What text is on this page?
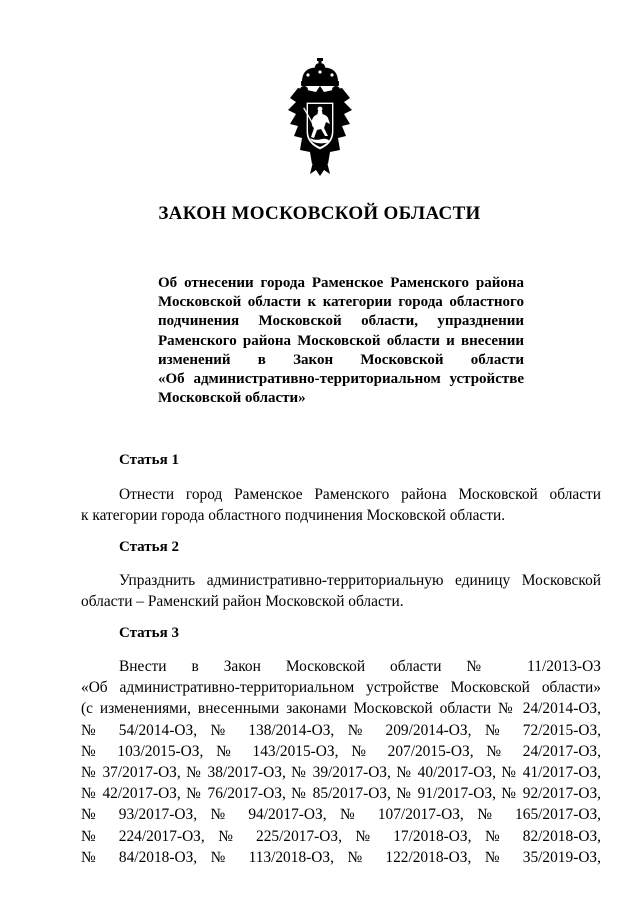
ЗАКОН МОСКОВСКОЙ ОБЛАСТИ
Об отнесении города Раменское Раменского района
Московской области к категории города областного
подчинения Московской области, упразднении
Раменского района Московской области и внесении
изменений в Закон Московской области
«Об административно-территориальном устройстве
Московской области»
Статья 1
Отнести город Раменское Раменского района Московской области
к категории города областного подчинения Московской области.
Статья 2
Упразднить административно-территориальную единицу Московской
области – Раменский район Московской области.
Статья 3
Внести в Закон Московской области № 11/2013-ОЗ
«Об административно-территориальном устройстве Московской области»
(с изменениями, внесенными законами Московской области № 24/2014-ОЗ,
№ 54/2014-ОЗ, № 138/2014-ОЗ, № 209/2014-ОЗ, № 72/2015-ОЗ,
№ 103/2015-ОЗ, № 143/2015-ОЗ, № 207/2015-ОЗ, № 24/2017-ОЗ,
№ 37/2017-ОЗ, № 38/2017-ОЗ, № 39/2017-ОЗ, № 40/2017-ОЗ, № 41/2017-ОЗ,
№ 42/2017-ОЗ, № 76/2017-ОЗ, № 85/2017-ОЗ, № 91/2017-ОЗ, № 92/2017-ОЗ,
№ 93/2017-ОЗ, № 94/2017-ОЗ, № 107/2017-ОЗ, № 165/2017-ОЗ,
№ 224/2017-ОЗ, № 225/2017-ОЗ, № 17/2018-ОЗ, № 82/2018-ОЗ,
№ 84/2018-ОЗ, № 113/2018-ОЗ, № 122/2018-ОЗ, № 35/2019-ОЗ,
